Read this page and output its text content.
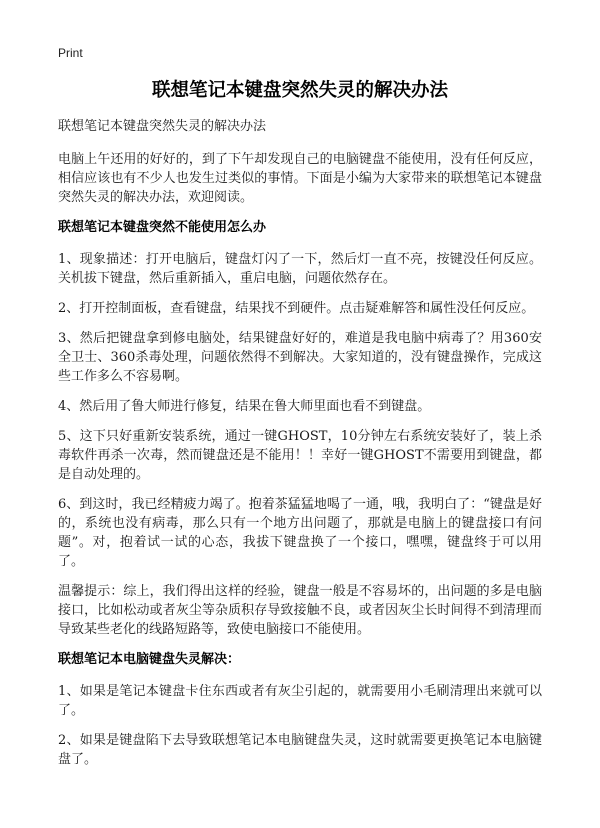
Print
联想笔记本键盘突然失灵的解决办法
联想笔记本键盘突然失灵的解决办法

电脑上午还用的好好的，到了下午却发现自己的电脑键盘不能使用，没有任何反应，相信应该也有不少人也发生过类似的事情。下面是小编为大家带来的联想笔记本键盘突然失灵的解决办法，欢迎阅读。

联想笔记本键盘突然不能使用怎么办

1、现象描述：打开电脑后，键盘灯闪了一下，然后灯一直不亮，按键没任何反应。关机拔下键盘，然后重新插入，重启电脑，问题依然存在。

2、打开控制面板，查看键盘，结果找不到硬件。点击疑难解答和属性没任何反应。

3、然后把键盘拿到修电脑处，结果键盘好好的，难道是我电脑中病毒了？用360安全卫士、360杀毒处理，问题依然得不到解决。大家知道的，没有键盘操作，完成这些工作多么不容易啊。

4、然后用了鲁大师进行修复，结果在鲁大师里面也看不到键盘。

5、这下只好重新安装系统，通过一键GHOST，10分钟左右系统安装好了，装上杀毒软件再杀一次毒，然而键盘还是不能用！！幸好一键GHOST不需要用到键盘，都是自动处理的。

6、到这时，我已经精疲力竭了。抱着茶猛猛地喝了一通，哦，我明白了：“键盘是好的，系统也没有病毒，那么只有一个地方出问题了，那就是电脑上的键盘接口有问题”。对，抱着试一试的心态，我拔下键盘换了一个接口，嘿嘿，键盘终于可以用了。

温馨提示：综上，我们得出这样的经验，键盘一般是不容易坏的，出问题的多是电脑接口，比如松动或者灰尘等杂质积存导致接触不良，或者因灰尘长时间得不到清理而导致某些老化的线路短路等，致使电脑接口不能使用。

联想笔记本电脑键盘失灵解决：

1、如果是笔记本键盘卡住东西或者有灰尘引起的，就需要用小毛刷清理出来就可以了。

2、如果是键盘陷下去导致联想笔记本电脑键盘失灵，这时就需要更换笔记本电脑键盘了。
